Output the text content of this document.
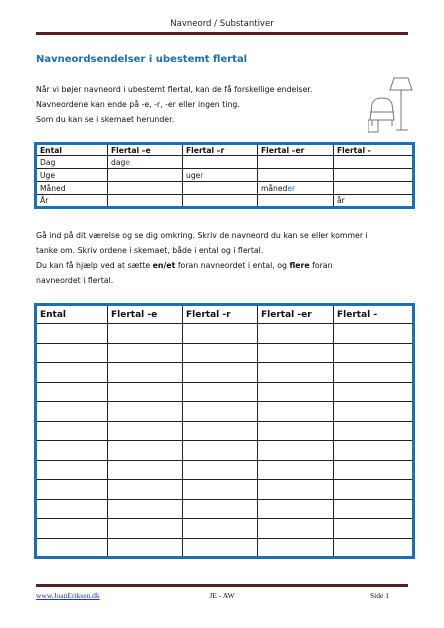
Navneord / Substantiver
Navneordsendelser i ubestemt flertal

Når vi bøjer navneord i ubestemt flertal, kan de få forskellige endelser.

Navneordene kan ende på -e, -r, -er eller ingen ting.

Som du kan se i skemaet herunder.

Ental	Flertal –e	Flertal –r	Flertal –er	Flertal -
Dag	dage			
Uge		uger		
Måned			måneder	
År				år

Gå ind på dit værelse og se dig omkring. Skriv de navneord du kan se eller kommer i

tanke om. Skriv ordene i skemaet, både i ental og i flertal.

Du kan få hjælp ved at sætte en/et foran navneordet i ental, og flere foran

navneordet i flertal.

Ental	Flertal -e	Flertal -r	Flertal -er	Flertal -

www.JoanEriksen.dk	JE - AW	Side 1
